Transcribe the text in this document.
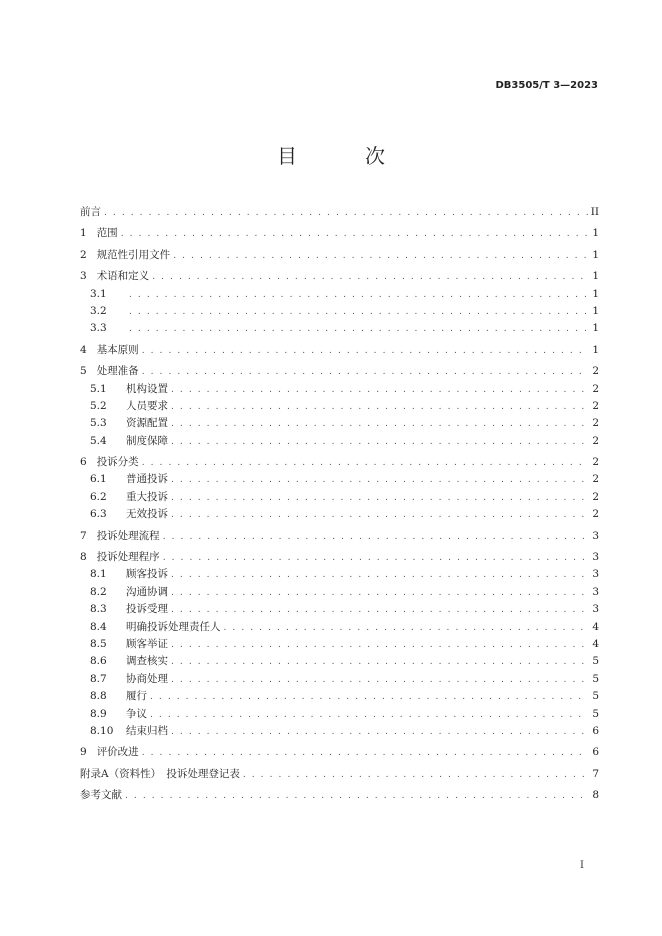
DB3505/T 3—2023
目　次
前言 . . .	II
1 范围 . . .	1
2 规范性引用文件 . . .	1
3 术语和定义 . . .	1
3.1 . . .	1
3.2 . . .	1
3.3 . . .	1
4 基本原则 . . .	1
5 处理准备 . . .	2
5.1	机构设置 . . .	2
5.2	人员要求 . . .	2
5.3	资源配置 . . .	2
5.4	制度保障 . . .	2
6 投诉分类 . . .	2
6.1	普通投诉 . . .	2
6.2	重大投诉 . . .	2
6.3	无效投诉 . . .	2
7 投诉处理流程 . . .	3
8 投诉处理程序 . . .	3
8.1	顾客投诉 . . .	3
8.2	沟通协调 . . .	3
8.3	投诉受理 . . .	3
8.4	明确投诉处理责任人 . . .	4
8.5	顾客举证 . . .	4
8.6	调查核实 . . .	5
8.7	协商处理 . . .	5
8.8	履行 . . .	5
8.9	争议 . . .	5
8.10	结束归档 . . .	6
9 评价改进 . . .	6
附录A（资料性）　投诉处理登记表 . . .	7
参考文献 . . .	8
I
